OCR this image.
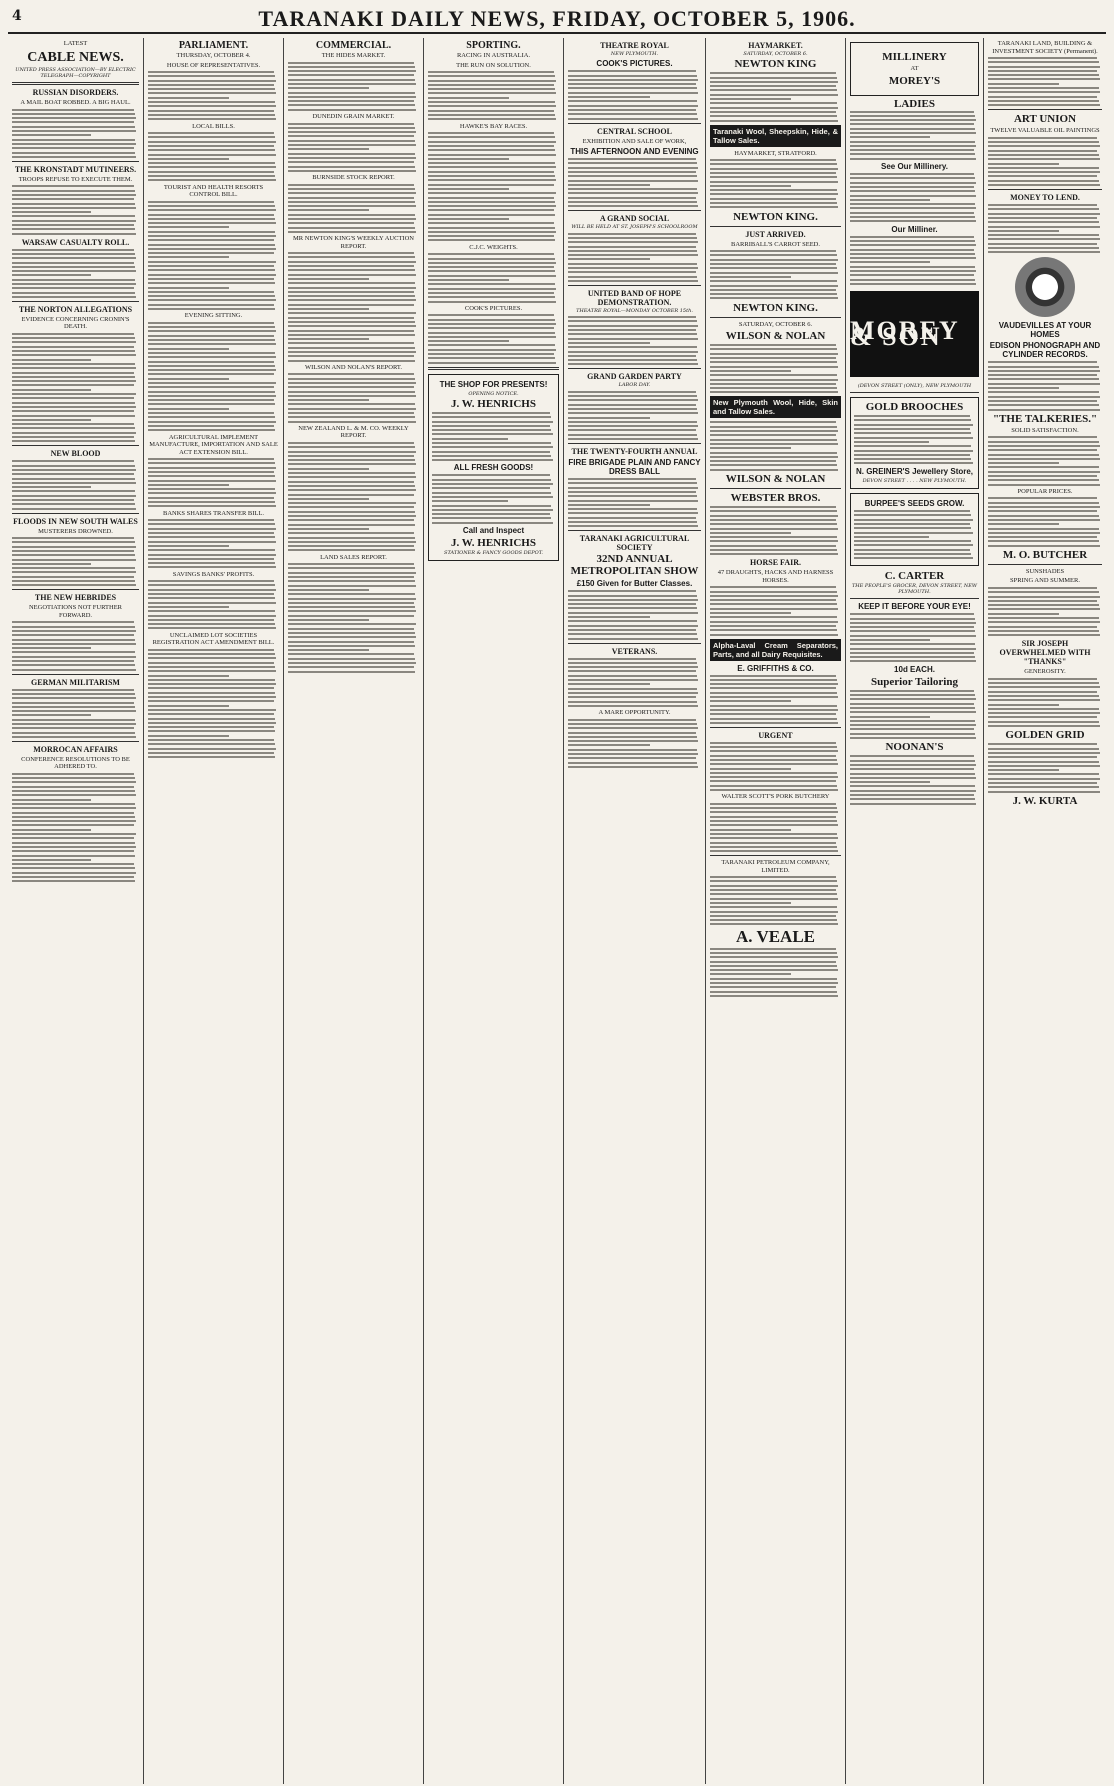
4	TARANAKI DAILY NEWS, FRIDAY, OCTOBER 5, 1906.
LATEST
CABLE NEWS.
UNITED PRESS ASSOCIATION—BY ELECTRIC TELEGRAPH—COPYRIGHT
RUSSIAN DISORDERS.
A MAIL BOAT ROBBED. A BIG HAUL.
THE KRONSTADT MUTINEERS.
TROOPS REFUSE TO EXECUTE THEM.
WARSAW CASUALTY ROLL.
THE NORTON ALLEGATIONS
EVIDENCE CONCERNING CRONIN'S DEATH.
NEW BLOOD
FLOODS IN NEW SOUTH WALES
MUSTERERS DROWNED.
THE NEW HEBRIDES
NEGOTIATIONS NOT FURTHER FORWARD.
GERMAN MILITARISM
MORROCAN AFFAIRS
CONFERENCE RESOLUTIONS TO BE ADHERED TO.
PARLIAMENT.
THURSDAY, OCTOBER 4.
HOUSE OF REPRESENTATIVES.
LOCAL BILLS.
TOURIST AND HEALTH RESORTS CONTROL BILL.
EVENING SITTING.
AGRICULTURAL IMPLEMENT MANUFACTURE, IMPORTATION AND SALE ACT EXTENSION BILL.
BANKS SHARES TRANSFER BILL.
SAVINGS BANKS' PROFITS.
UNCLAIMED LOT SOCIETIES REGISTRATION ACT AMENDMENT BILL.
COMMERCIAL.
THE HIDES MARKET.
DUNEDIN GRAIN MARKET.
BURNSIDE STOCK REPORT.
MR NEWTON KING'S WEEKLY AUCTION REPORT.
WILSON AND NOLAN'S REPORT.
NEW ZEALAND L. & M. CO. WEEKLY REPORT.
LAND SALES REPORT.
SPORTING.
RACING IN AUSTRALIA.
THE RUN ON SOLUTION.
HAWKE'S BAY RACES.
C.J.C. WEIGHTS.
COOK'S PICTURES.
THE SHOP FOR PRESENTS!
OPENING NOTICE.
J. W. HENRICHS
ALL FRESH GOODS!
Call and Inspect
J. W. HENRICHS
STATIONER & FANCY GOODS DEPOT.
THEATRE ROYAL
NEW PLYMOUTH.
COOK'S PICTURES.
CENTRAL SCHOOL
EXHIBITION AND SALE OF WORK,
THIS AFTERNOON AND EVENING
A GRAND SOCIAL
WILL BE HELD AT ST. JOSEPH'S SCHOOLROOM
UNITED BAND OF HOPE DEMONSTRATION.
THEATRE ROYAL—MONDAY OCTOBER 15th.
GRAND GARDEN PARTY
LABOR DAY.
THE TWENTY-FOURTH ANNUAL
FIRE BRIGADE PLAIN AND FANCY DRESS BALL
TARANAKI AGRICULTURAL SOCIETY
32ND ANNUAL METROPOLITAN SHOW
£150 Given for Butter Classes.
VETERANS.
A MARE OPPORTUNITY.
HAYMARKET.
SATURDAY, OCTOBER 6.
NEWTON KING
Taranaki Wool, Sheepskin, Hide, & Tallow Sales.
HAYMARKET, STRATFORD.
NEWTON KING.
JUST ARRIVED.
BARRIBALL'S CARROT SEED.
NEWTON KING.
SATURDAY, OCTOBER 6.
WILSON & NOLAN
New Plymouth Wool, Hide, Skin and Tallow Sales.
WILSON & NOLAN
WEBSTER BROS.
HORSE FAIR.
47 DRAUGHTS, HACKS AND HARNESS HORSES.
Alpha-Laval Cream Separators, Parts, and all Dairy Requisites.
E. GRIFFITHS & CO.
URGENT
WALTER SCOTT'S PORK BUTCHERY
TARANAKI PETROLEUM COMPANY, LIMITED.
A. VEALE
MILLINERY
AT
MOREY'S
LADIES
See Our Millinery.
Our Milliner.
MOREY & SON
(DEVON STREET (ONLY), NEW PLYMOUTH
GOLD BROOCHES
N. GREINER'S Jewellery Store,
DEVON STREET . . . . NEW PLYMOUTH.
BURPEE'S SEEDS GROW.
C. CARTER
THE PEOPLE'S GROCER, DEVON STREET, NEW PLYMOUTH.
KEEP IT BEFORE YOUR EYE!
10d EACH.
Superior Tailoring
NOONAN'S
TARANAKI LAND, BUILDING & INVESTMENT SOCIETY (Permanent).
ART UNION
TWELVE VALUABLE OIL PAINTINGS
MONEY TO LEND.
VAUDEVILLES AT YOUR HOMES
EDISON PHONOGRAPH AND CYLINDER RECORDS.
"THE TALKERIES."
SOLID SATISFACTION.
POPULAR PRICES.
M. O. BUTCHER
SUNSHADES
SPRING AND SUMMER.
SIR JOSEPH OVERWHELMED WITH "THANKS"
GENEROSITY.
GOLDEN GRID
J. W. KURTA
